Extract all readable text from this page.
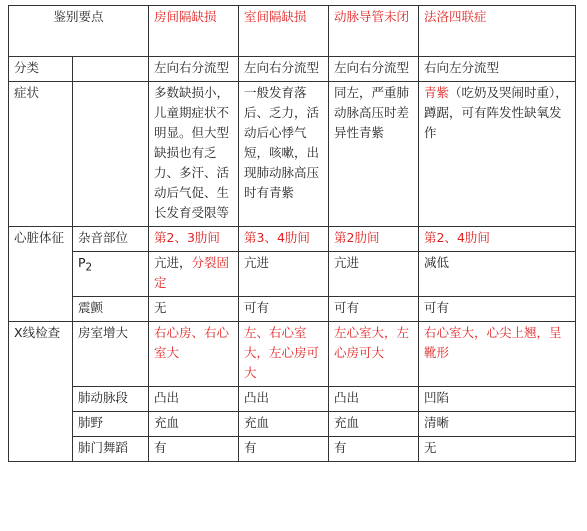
鉴别要点		房间隔缺损	室间隔缺损	动脉导管未闭	法洛四联症
分类		左向右分流型	左向右分流型	左向右分流型	右向左分流型
症状		多数缺损小，儿童期症状不明显。但大型缺损也有乏力、多汗、活动后气促、生长发育受限等	一般发育落后、乏力，活动后心悸气短，咳嗽，出现肺动脉高压时有青紫	同左，严重肺动脉高压时差异性青紫	青紫（吃奶及哭闹时重），蹲踞，可有阵发性缺氧发作
心脏体征	杂音部位	第2、3肋间	第3、4肋间	第2肋间	第2、4肋间
	$P_2$	亢进，分裂固定	亢进	亢进	减低
	震颤	无	可有	可有	可有
X线检查	房室增大	右心房、右心室大	左、右心室大，左心房可大	左心室大，左心房可大	右心室大，心尖上翘，呈靴形
	肺动脉段	凸出	凸出	凸出	凹陷
	肺野	充血	充血	充血	清晰
	肺门舞蹈	有	有	有	无
